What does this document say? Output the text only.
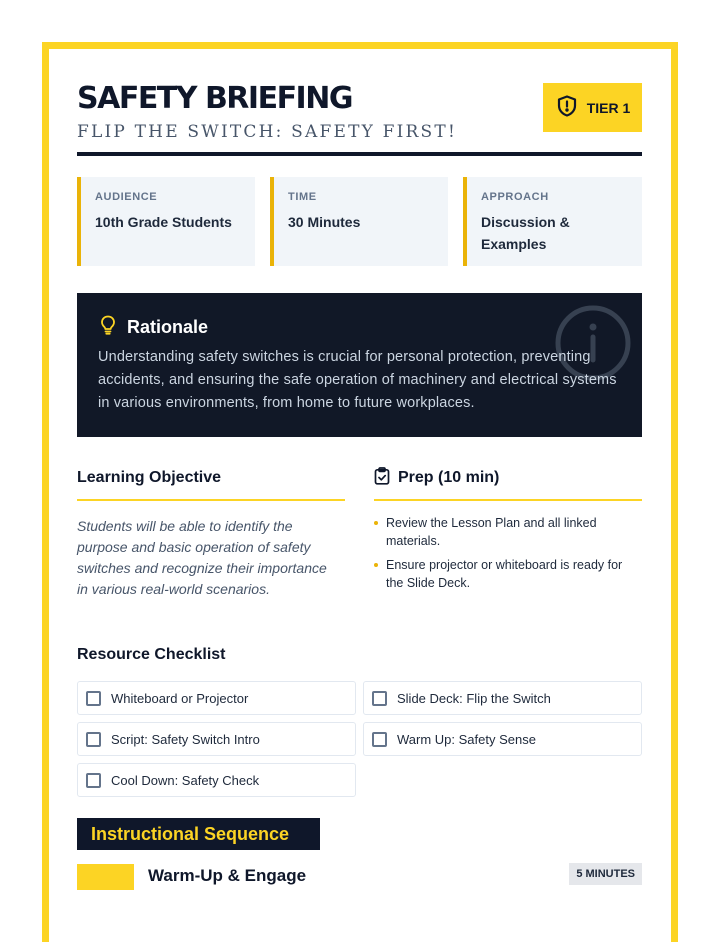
SAFETY BRIEFING
FLIP THE SWITCH: SAFETY FIRST!
TIER 1
AUDIENCE
10th Grade Students
TIME
30 Minutes
APPROACH
Discussion & Examples
Rationale
Understanding safety switches is crucial for personal protection, preventing accidents, and ensuring the safe operation of machinery and electrical systems in various environments, from home to future workplaces.
Learning Objective
Students will be able to identify the purpose and basic operation of safety switches and recognize their importance in various real-world scenarios.
Prep (10 min)
Review the Lesson Plan and all linked materials.
Ensure projector or whiteboard is ready for the Slide Deck.
Resource Checklist
Whiteboard or Projector	Slide Deck: Flip the Switch
Script: Safety Switch Intro	Warm Up: Safety Sense
Cool Down: Safety Check
Instructional Sequence
Warm-Up & Engage	5 MINUTES
